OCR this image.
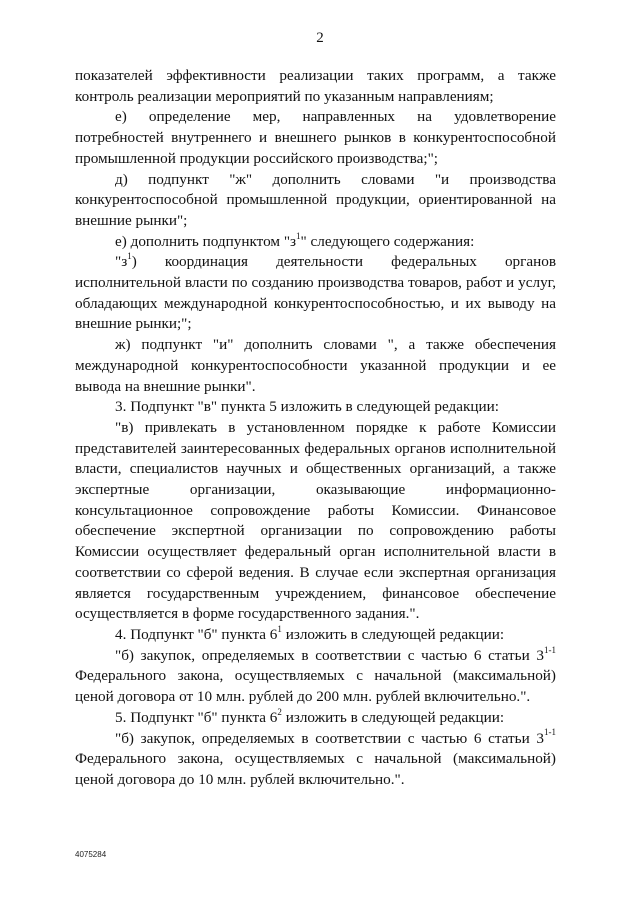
2

показателей эффективности реализации таких программ, а также контроль реализации мероприятий по указанным направлениям;

е) определение мер, направленных на удовлетворение потребностей внутреннего и внешнего рынков в конкурентоспособной промышленной продукции российского производства;";

д) подпункт "ж" дополнить словами "и производства конкурентоспособной промышленной продукции, ориентированной на внешние рынки";

е) дополнить подпунктом "$з^1$" следующего содержания:

"$з^1$) координация деятельности федеральных органов исполнительной власти по созданию производства товаров, работ и услуг, обладающих международной конкурентоспособностью, и их выводу на внешние рынки;";

ж) подпункт "и" дополнить словами ", а также обеспечения международной конкурентоспособности указанной продукции и ее вывода на внешние рынки".

3. Подпункт "в" пункта 5 изложить в следующей редакции:

"в) привлекать в установленном порядке к работе Комиссии представителей заинтересованных федеральных органов исполнительной власти, специалистов научных и общественных организаций, а также экспертные организации, оказывающие информационно-консультационное сопровождение работы Комиссии. Финансовое обеспечение экспертной организации по сопровождению работы Комиссии осуществляет федеральный орган исполнительной власти в соответствии со сферой ведения. В случае если экспертная организация является государственным учреждением, финансовое обеспечение осуществляется в форме государственного задания.".

4. Подпункт "б" пункта $6^1$ изложить в следующей редакции:

"б) закупок, определяемых в соответствии с частью 6 статьи 3$^{1-1}$ Федерального закона, осуществляемых с начальной (максимальной) ценой договора от 10 млн. рублей до 200 млн. рублей включительно.".

5. Подпункт "б" пункта $6^2$ изложить в следующей редакции:

"б) закупок, определяемых в соответствии с частью 6 статьи 3$^{1-1}$ Федерального закона, осуществляемых с начальной (максимальной) ценой договора до 10 млн. рублей включительно.".

4075284
